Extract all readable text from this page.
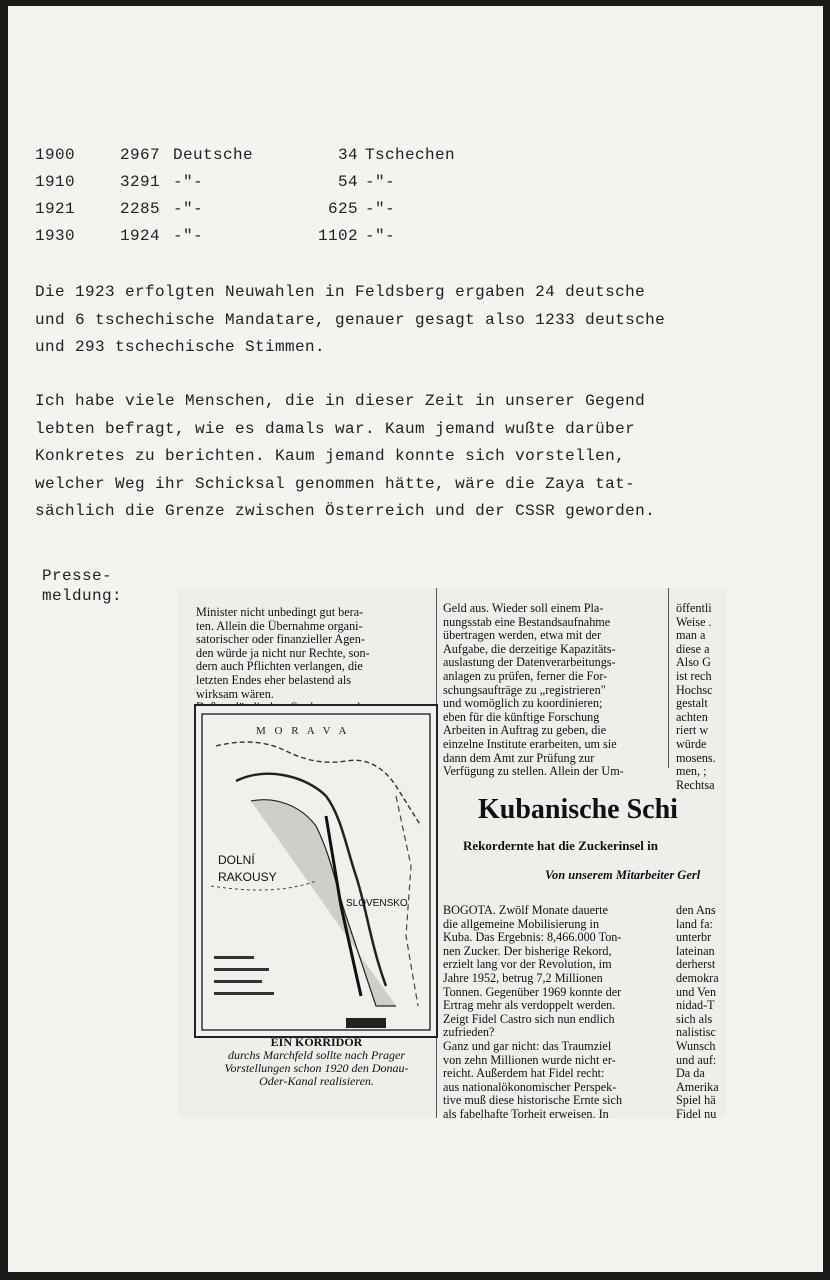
1900	2967 Deutsche	34 Tschechen
1910	3291 -"-	54 -"-
1921	2285 -"-	625 -"-
1930	1924 -"-	1102 -"-
Die 1923 erfolgten Neuwahlen in Feldsberg ergaben 24 deutsche
und 6 tschechische Mandatare, genauer gesagt also 1233 deutsche
und 293 tschechische Stimmen.
Ich habe viele Menschen, die in dieser Zeit in unserer Gegend
lebten befragt, wie es damals war. Kaum jemand wußte darüber
Konkretes zu berichten. Kaum jemand konnte sich vorstellen,
welcher Weg ihr Schicksal genommen hätte, wäre die Zaya tat-
sächlich die Grenze zwischen Österreich und der CSSR geworden.
Presse-
meldung:
Minister nicht unbedingt gut bera-
ten. Allein die Übernahme organi-
satorischer oder finanzieller Agen-
den würde ja nicht nur Rechte, son-
dern auch Pflichten verlangen, die
letzten Endes eher belastend als
wirksam wären.
Geld aus. Wieder soll einem Pla-
nungsstab eine Bestandsaufnahme
übertragen werden, etwa mit der
Aufgabe, die derzeitige Kapazitäts-
auslastung der Datenverarbeitungs-
anlagen zu prüfen, ferner die For-
schungsaufträge zu „registrieren"
und womöglich zu koordinieren;
eben für die künftige Forschung
Arbeiten in Auftrag zu geben, die
einzelne Institute erarbeiten, um sie
dann dem Amt zur Prüfung zur
Verfügung zu stellen. Allein der Um-
öffentli
Weise .
man a
diese a
Also G
ist rech
Hochsc
gestalt
achten
riert w
würde
mosens.
men, ;
Rechtsa
M O R A V A
DOLNÍ
RAKOUSY
SLOVENSKO
EIN KORRIDOR
durchs Marchfeld sollte nach Prager
Vorstellungen schon 1920 den Donau-
Oder-Kanal realisieren.
Kubanische Schi
Rekordernte hat die Zuckerinsel in
Von unserem Mitarbeiter Gerl
BOGOTA. Zwölf Monate dauerte
die allgemeine Mobilisierung in
Kuba. Das Ergebnis: 8,466.000 Ton-
nen Zucker. Der bisherige Rekord,
erzielt lang vor der Revolution, im
Jahre 1952, betrug 7,2 Millionen
Tonnen. Gegenüber 1969 konnte der
Ertrag mehr als verdoppelt werden.
Zeigt Fidel Castro sich nun endlich
zufrieden?
Ganz und gar nicht: das Traumziel
von zehn Millionen wurde nicht er-
reicht. Außerdem hat Fidel recht:
aus nationalökonomischer Perspek-
tive muß diese historische Ernte sich
als fabelhafte Torheit erweisen. In
den Ans
land fa:
unterbr
lateinan
derherst
demokra
und Ven
nidad-T
sich als
nalistisc
Wunsch
und auf:
Da da
Amerika
Spiel hä
Fidel nu
